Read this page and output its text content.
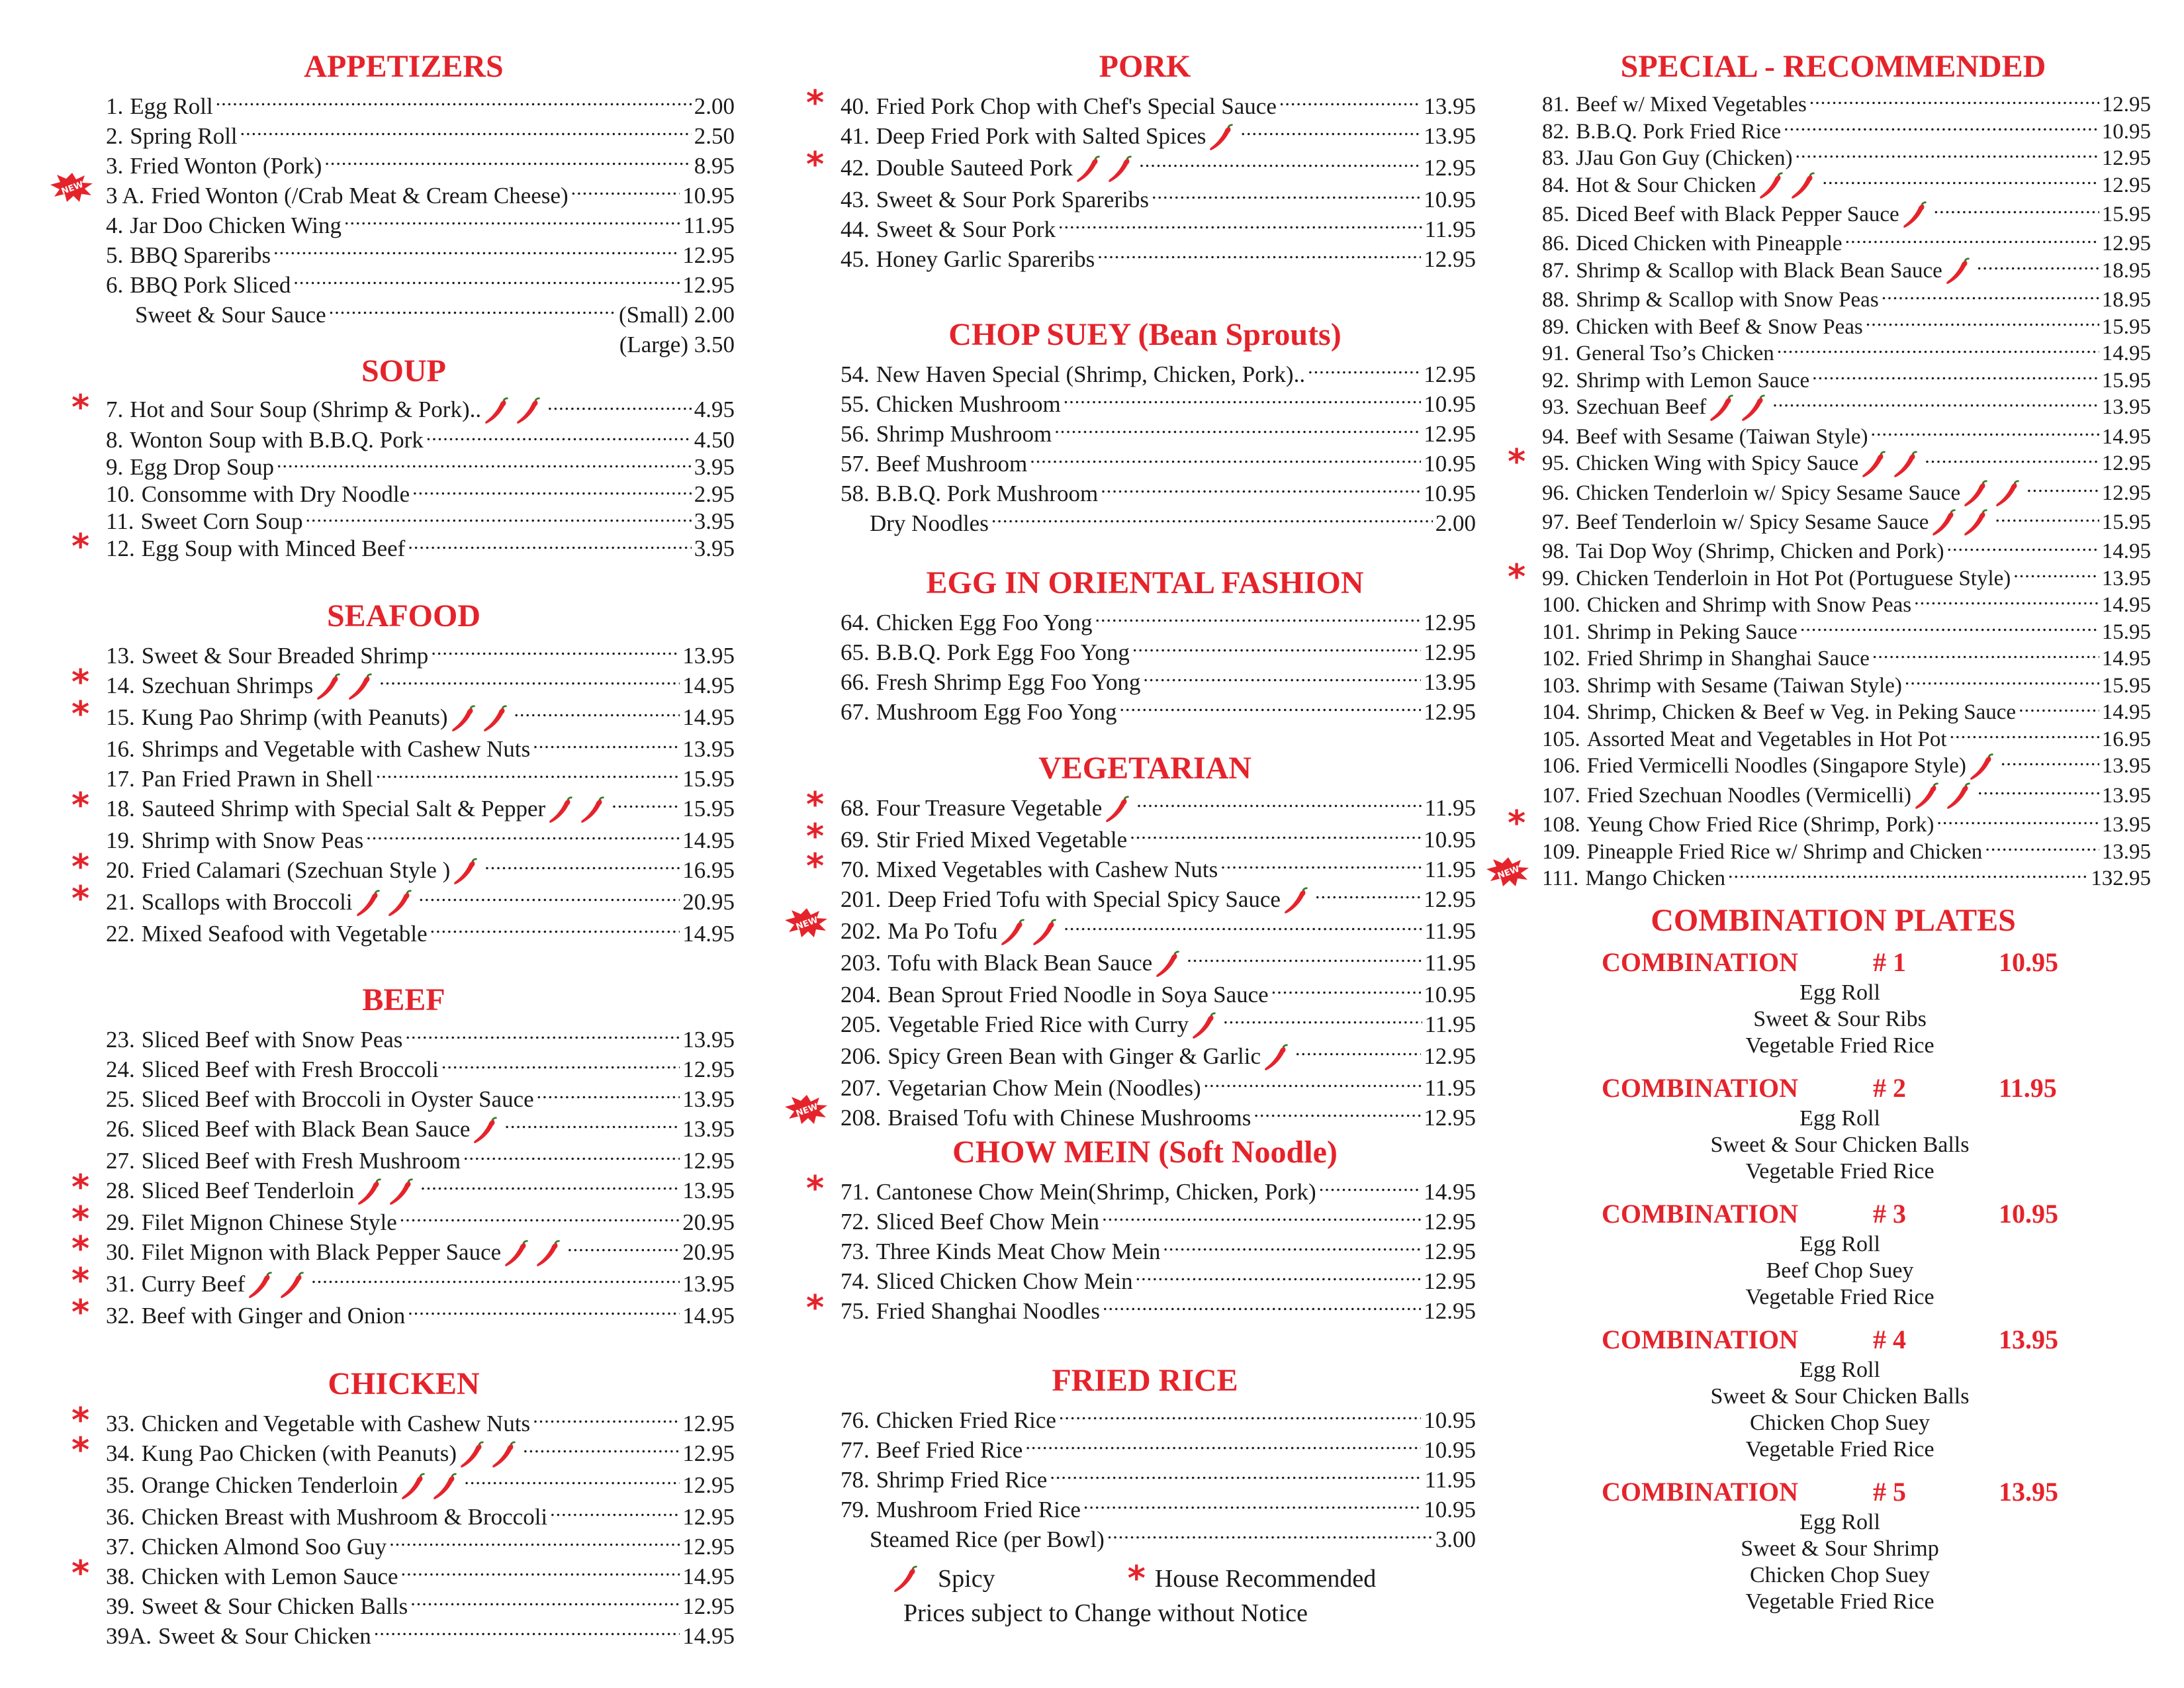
APPETIZERS
1. Egg Roll .....	2.00
2. Spring Roll .....	2.50
3. Fried Wonton (Pork) .....	8.95
NEW 3 A. Fried Wonton (/Crab Meat & Cream Cheese) .....	10.95
4. Jar Doo Chicken Wing .....	11.95
5. BBQ Spareribs .....	12.95
6. BBQ Pork Sliced .....	12.95
Sweet & Sour Sauce .....	(Small) 2.00
(Large) 3.50
SOUP
* 7. Hot and Sour Soup (Shrimp & Pork).. .....	4.95
8. Wonton Soup with B.B.Q. Pork .....	4.50
9. Egg Drop Soup .....	3.95
10. Consomme with Dry Noodle .....	2.95
11. Sweet Corn Soup .....	3.95
* 12. Egg Soup with Minced Beef .....	3.95
SEAFOOD
13. Sweet & Sour Breaded Shrimp .....	13.95
* 14. Szechuan Shrimps .....	14.95
* 15. Kung Pao Shrimp (with Peanuts) .....	14.95
16. Shrimps and Vegetable with Cashew Nuts .....	13.95
17. Pan Fried Prawn in Shell .....	15.95
* 18. Sauteed Shrimp with Special Salt & Pepper .....	15.95
19. Shrimp with Snow Peas .....	14.95
* 20. Fried Calamari (Szechuan Style ) .....	16.95
* 21. Scallops with Broccoli .....	20.95
22. Mixed Seafood with Vegetable .....	14.95
BEEF
23. Sliced Beef with Snow Peas .....	13.95
24. Sliced Beef with Fresh Broccoli .....	12.95
25. Sliced Beef with Broccoli in Oyster Sauce .....	13.95
26. Sliced Beef with Black Bean Sauce .....	13.95
27. Sliced Beef with Fresh Mushroom .....	12.95
* 28. Sliced Beef Tenderloin .....	13.95
* 29. Filet Mignon Chinese Style .....	20.95
* 30. Filet Mignon with Black Pepper Sauce .....	20.95
* 31. Curry Beef .....	13.95
* 32. Beef with Ginger and Onion .....	14.95
CHICKEN
* 33. Chicken and Vegetable with Cashew Nuts .....	12.95
* 34. Kung Pao Chicken (with Peanuts) .....	12.95
35. Orange Chicken Tenderloin .....	12.95
36. Chicken Breast with Mushroom & Broccoli .....	12.95
37. Chicken Almond Soo Guy .....	12.95
* 38. Chicken with Lemon Sauce .....	14.95
39. Sweet & Sour Chicken Balls .....	12.95
39A. Sweet & Sour Chicken .....	14.95
PORK
* 40. Fried Pork Chop with Chef's Special Sauce .....	13.95
41. Deep Fried Pork with Salted Spices .....	13.95
* 42. Double Sauteed Pork .....	12.95
43. Sweet & Sour Pork Spareribs .....	10.95
44. Sweet & Sour Pork .....	11.95
45. Honey Garlic Spareribs .....	12.95
CHOP SUEY (Bean Sprouts)
54. New Haven Special (Shrimp, Chicken, Pork).. .....	12.95
55. Chicken Mushroom .....	10.95
56. Shrimp Mushroom .....	12.95
57. Beef Mushroom .....	10.95
58. B.B.Q. Pork Mushroom .....	10.95
Dry Noodles .....	2.00
EGG IN ORIENTAL FASHION
64. Chicken Egg Foo Yong .....	12.95
65. B.B.Q. Pork Egg Foo Yong .....	12.95
66. Fresh Shrimp Egg Foo Yong .....	13.95
67. Mushroom Egg Foo Yong .....	12.95
VEGETARIAN
* 68. Four Treasure Vegetable .....	11.95
* 69. Stir Fried Mixed Vegetable .....	10.95
* 70. Mixed Vegetables with Cashew Nuts .....	11.95
201. Deep Fried Tofu with Special Spicy Sauce .....	12.95
NEW 202. Ma Po Tofu .....	11.95
203. Tofu with Black Bean Sauce .....	11.95
204. Bean Sprout Fried Noodle in Soya Sauce .....	10.95
205. Vegetable Fried Rice with Curry .....	11.95
206. Spicy Green Bean with Ginger & Garlic .....	12.95
207. Vegetarian Chow Mein (Noodles) .....	11.95
NEW 208. Braised Tofu with Chinese Mushrooms .....	12.95
CHOW MEIN (Soft Noodle)
* 71. Cantonese Chow Mein(Shrimp, Chicken, Pork) .....	14.95
72. Sliced Beef Chow Mein .....	12.95
73. Three Kinds Meat Chow Mein .....	12.95
74. Sliced Chicken Chow Mein .....	12.95
* 75. Fried Shanghai Noodles .....	12.95
FRIED RICE
76. Chicken Fried Rice .....	10.95
77. Beef Fried Rice .....	10.95
78. Shrimp Fried Rice .....	11.95
79. Mushroom Fried Rice .....	10.95
Steamed Rice (per Bowl) .....	3.00
SPECIAL - RECOMMENDED
81. Beef w/ Mixed Vegetables .....	12.95
82. B.B.Q. Pork Fried Rice .....	10.95
83. JJau Gon Guy (Chicken) .....	12.95
84. Hot & Sour Chicken .....	12.95
85. Diced Beef with Black Pepper Sauce .....	15.95
86. Diced Chicken with Pineapple .....	12.95
87. Shrimp & Scallop with Black Bean Sauce .....	18.95
88. Shrimp & Scallop with Snow Peas .....	18.95
89. Chicken with Beef & Snow Peas .....	15.95
91. General Tso’s Chicken .....	14.95
92. Shrimp with Lemon Sauce .....	15.95
93. Szechuan Beef .....	13.95
94. Beef with Sesame (Taiwan Style) .....	14.95
* 95. Chicken Wing with Spicy Sauce .....	12.95
96. Chicken Tenderloin w/ Spicy Sesame Sauce .....	12.95
97. Beef Tenderloin w/ Spicy Sesame Sauce .....	15.95
98. Tai Dop Woy (Shrimp, Chicken and Pork) .....	14.95
* 99. Chicken Tenderloin in Hot Pot (Portuguese Style) .....	13.95
100. Chicken and Shrimp with Snow Peas .....	14.95
101. Shrimp in Peking Sauce .....	15.95
102. Fried Shrimp in Shanghai Sauce .....	14.95
103. Shrimp with Sesame (Taiwan Style) .....	15.95
104. Shrimp, Chicken & Beef w Veg. in Peking Sauce .....	14.95
105. Assorted Meat and Vegetables in Hot Pot .....	16.95
106. Fried Vermicelli Noodles (Singapore Style) .....	13.95
107. Fried Szechuan Noodles (Vermicelli) .....	13.95
* 108. Yeung Chow Fried Rice (Shrimp, Pork) .....	13.95
109. Pineapple Fried Rice w/ Shrimp and Chicken .....	13.95
NEW 111. Mango Chicken .....	132.95
COMBINATION PLATES
COMBINATION	# 1	10.95
Egg Roll
Sweet & Sour Ribs
Vegetable Fried Rice
COMBINATION	# 2	11.95
Egg Roll
Sweet & Sour Chicken Balls
Vegetable Fried Rice
COMBINATION	# 3	10.95
Egg Roll
Beef Chop Suey
Vegetable Fried Rice
COMBINATION	# 4	13.95
Egg Roll
Sweet & Sour Chicken Balls
Chicken Chop Suey
Vegetable Fried Rice
COMBINATION	# 5	13.95
Egg Roll
Sweet & Sour Shrimp
Chicken Chop Suey
Vegetable Fried Rice
Spicy	* House Recommended
Prices subject to Change without Notice
